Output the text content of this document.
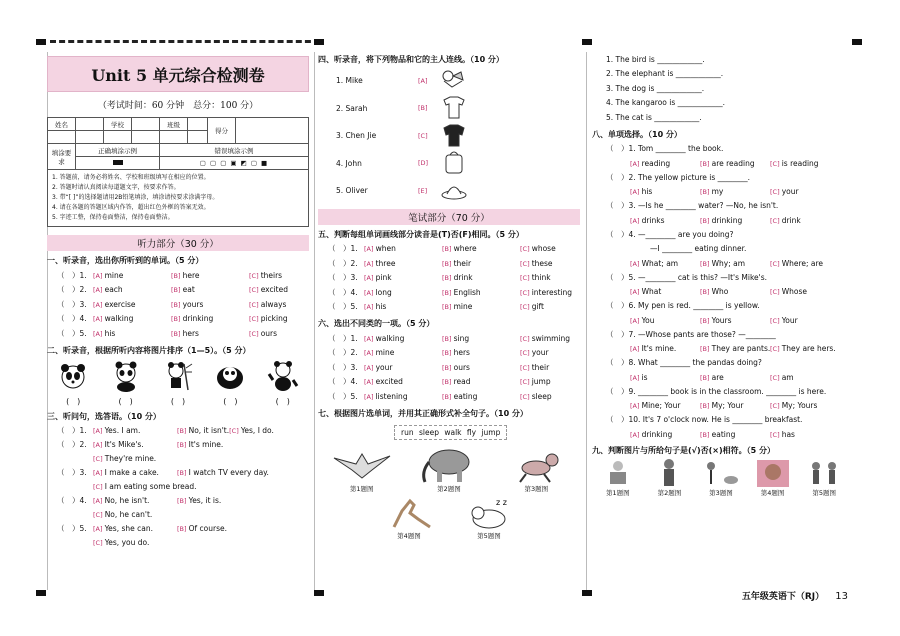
Unit 5 单元综合检测卷
（考试时间：60 分钟　总分：100 分）
姓名		学校		班级		得分	

填涂要求	正确填涂示例			错误填涂示例			
				▢ ▢ ▢ ▣ ◩ ▢ ■			
1. 答题前，请务必将姓名、学校和班级填写在相应的位置。
2. 答题时请认真阅读每道题文字，按要求作答。
3. 带“[ ]”的选择题请用2B铅笔填涂，填涂请按要求涂满字母。
4. 请在各题的答题区域内作答，超出红色外框的答案无效。
5. 字迹工整，保持卷面整洁，保持卷面整洁。
听力部分（30 分）
一、听录音，选出你所听到的单词。（5 分）
（　）1. [A] mine	[B] here	[C] theirs
（　）2. [A] each	[B] eat	[C] excited
（　）3. [A] exercise	[B] yours	[C] always
（　）4. [A] walking	[B] drinking	[C] picking
（　）5. [A] his	[B] hers	[C] ours
二、听录音，根据所听内容将图片排序（1—5）。（5 分）
(　)	(　)	(　)	(　)	(　)
三、听问句，选答语。（10 分）
（　）1. [A] Yes. I am.	[B] No, it isn't. [C] Yes, I do.
（　）2. [A] It's Mike's.	[B] It's mine.
[C] They're mine.
（　）3. [A] I make a cake.	[B] I watch TV every day.
[C] I am eating some bread.
（　）4. [A] No, he isn't.	[B] Yes, it is.
[C] No, he can't.
（　）5. [A] Yes, she can.	[B] Of course.
[C] Yes, you do.
四、听录音，将下列物品和它的主人连线。（10 分）
1. Mike	[A]
2. Sarah	[B]
3. Chen Jie	[C]
4. John	[D]
5. Oliver	[E]
笔试部分（70 分）
五、判断每组单词画线部分读音是(T)否(F)相同。（5 分）
（　）1. [A] when	[B] where	[C] whose
（　）2. [A] three	[B] their	[C] these
（　）3. [A] pink	[B] drink	[C] think
（　）4. [A] long	[B] English	[C] interesting
（　）5. [A] his	[B] mine	[C] gift
六、选出不同类的一项。（5 分）
（　）1. [A] walking	[B] sing	[C] swimming
（　）2. [A] mine	[B] hers	[C] your
（　）3. [A] your	[B] ours	[C] their
（　）4. [A] excited	[B] read	[C] jump
（　）5. [A] listening	[B] eating	[C] sleep
七、根据图片选单词，并用其正确形式补全句子。（10 分）
run sleep walk fly jump
第1题图	第2题图	第3题图
第4题图
z z
第5题图
1. The bird is ____________.
2. The elephant is ____________.
3. The dog is ____________.
4. The kangaroo is ____________.
5. The cat is ____________.
八、单项选择。（10 分）
（　）1. Tom ________ the book.
[A] reading	[B] are reading	[C] is reading
（　）2. The yellow picture is ________.
[A] his	[B] my	[C] your
（　）3. —Is he ________ water? —No, he isn't.
[A] drinks	[B] drinking	[C] drink
（　）4. —________ are you doing?
—I ________ eating dinner.
[A] What; am	[B] Why; am	[C] Where; are
（　）5. —________ cat is this? —It's Mike's.
[A] What	[B] Who	[C] Whose
（　）6. My pen is red. ________ is yellow.
[A] You	[B] Yours	[C] Your
（　）7. —Whose pants are those? —________
[A] It's mine.	[B] They are pants. [C] They are hers.
（　）8. What ________ the pandas doing?
[A] is	[B] are	[C] am
（　）9. ________ book is in the classroom. ________ is here.
[A] Mine; Your	[B] My; Your	[C] My; Yours
（　）10. It's 7 o'clock now. He is ________ breakfast.
[A] drinking	[B] eating	[C] has
九、判断图片与所给句子是(√)否(×)相符。（5 分）
第1题图	第2题图	第3题图	第4题图	第5题图
五年级英语下（RJ） 13
